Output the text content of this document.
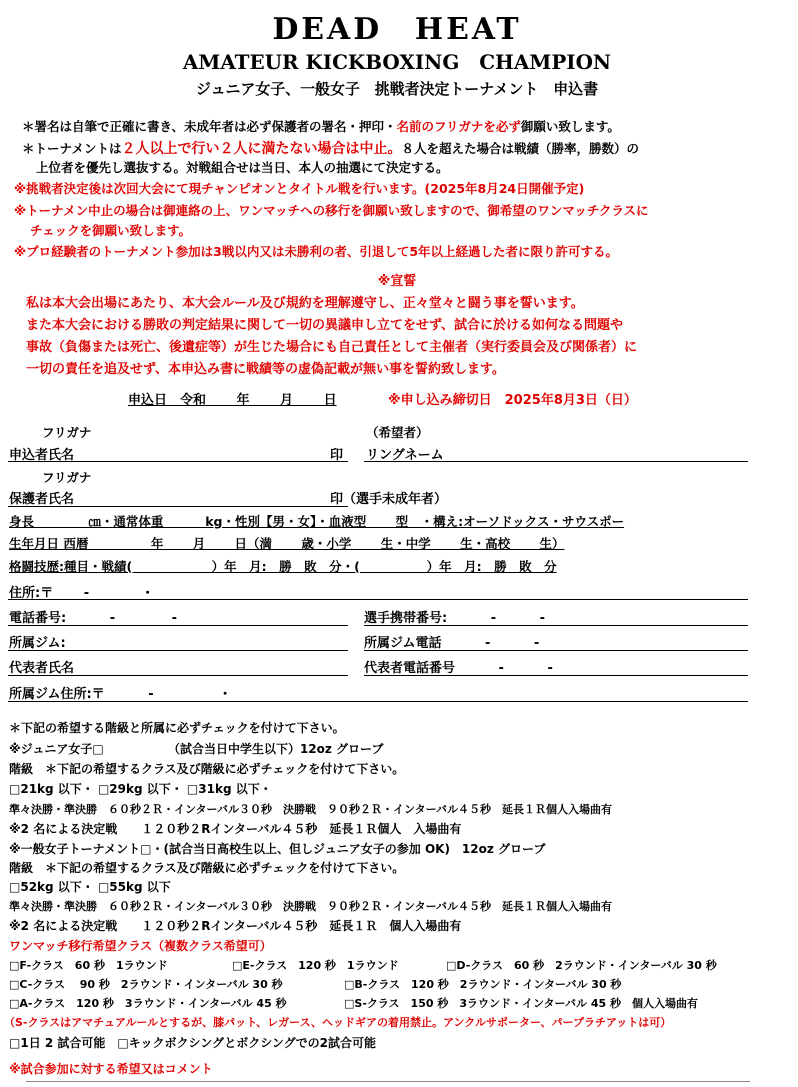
DEAD　HEAT
AMATEUR KICKBOXING　CHAMPION
ジュニア女子、一般女子　挑戦者決定トーナメント　申込書
＊署名は自筆で正確に書き、未成年者は必ず保護者の署名・押印・名前のフリガナを必ず御願い致します。
＊トーナメントは２人以上で行い２人に満たない場合は中止。８人を超えた場合は戦績（勝率，勝数）の
上位者を優先し選抜する。対戦組合せは当日、本人の抽選にて決定する。
※挑戦者決定後は次回大会にて現チャンピオンとタイトル戦を行います。(2025年8月24日開催予定)
※トーナメン中止の場合は御連絡の上、ワンマッチへの移行を御願い致しますので、御希望のワンマッチクラスに
チェックを御願い致します。
※プロ経験者のトーナメント参加は3戦以内又は未勝利の者、引退して5年以上経過した者に限り許可する。
※宣誓
私は本大会出場にあたり、本大会ルール及び規約を理解遵守し、正々堂々と闘う事を誓います。
また本大会における勝敗の判定結果に関して一切の異議申し立てをせず、試合に於ける如何なる問題や
事故（負傷または死亡、後遺症等）が生じた場合にも自己責任として主催者（実行委員会及び関係者）に
一切の責任を追及せず、本申込み書に戦績等の虚偽記載が無い事を誓約致します。
申込日　令和　　 年　　 月　　 日	※申し込み締切日　2025年8月3日（日）
フリガナ	（希望者）
申込者氏名	印 リングネーム
フリガナ
保護者氏名	印（選手未成年者）
身長　　　　 ㎝・通常体重　　　 kg・性別【男・女】・血液型　　 型　・構え:オーソドックス・サウスポー
生年月日 西暦　　　　　年　　 月　　 日（満　　 歳・小学　　 生・中学　　 生・高校　　 生）
格闘技歴:種目・戦績(　　　　　　 ）年　月:　勝　敗　分・(　　　　　 ）年　月:　勝　敗　分
住所:〒　　 -　　　　・
電話番号:　　　 -　　　　 -	選手携帯番号:　　　 -　　　 -
所属ジム:	所属ジム電話　　　 -　　　 -
代表者氏名	代表者電話番号　　　 -　　　 -
所属ジム住所:〒　　　 -　　　　　・
＊下記の希望する階級と所属に必ずチェックを付けて下さい。
※ジュニア女子□　　　　　 （試合当日中学生以下）12oz グローブ
階級　＊下記の希望するクラス及び階級に必ずチェックを付けて下さい。
□21kg 以下・ □29kg 以下・ □31kg 以下・
準々決勝・準決勝　６０秒２Ｒ・インターバル３０秒　決勝戦　９０秒２Ｒ・インターバル４５秒　延長１Ｒ個人入場曲有
※2 名による決定戦　　１２０秒２Rインターバル４５秒　延長１Ｒ個人　入場曲有
※一般女子トーナメント□・(試合当日高校生以上、但しジュニア女子の参加 OK)　12oz グローブ
階級　＊下記の希望するクラス及び階級に必ずチェックを付けて下さい。
□52kg 以下・ □55kg 以下
準々決勝・準決勝　６０秒２Ｒ・インターバル３０秒　決勝戦　９０秒２Ｒ・インターバル４５秒　延長１Ｒ個人入場曲有
※2 名による決定戦　　１２０秒２Rインターバル４５秒　延長１Ｒ　個人入場曲有
ワンマッチ移行希望クラス（複数クラス希望可）
□F-クラス　60 秒　1ラウンド	□E-クラス　120 秒　1ラウンド	□D-クラス　60 秒　2ラウンド・インターバル 30 秒
□C-クラス　 90 秒　2ラウンド・インターバル 30 秒	□B-クラス　120 秒　2ラウンド・インターバル 30 秒
□A-クラス　120 秒　3ラウンド・インターバル 45 秒	□S-クラス　150 秒　3ラウンド・インターバル 45 秒　個人入場曲有
（S-クラスはアマチュアルールとするが、膝パット、レガース、ヘッドギアの着用禁止。アンクルサポーター、パープラチアットは可）
□1日 2 試合可能　□キックボクシングとボクシングでの2試合可能
※試合参加に対する希望又はコメント
